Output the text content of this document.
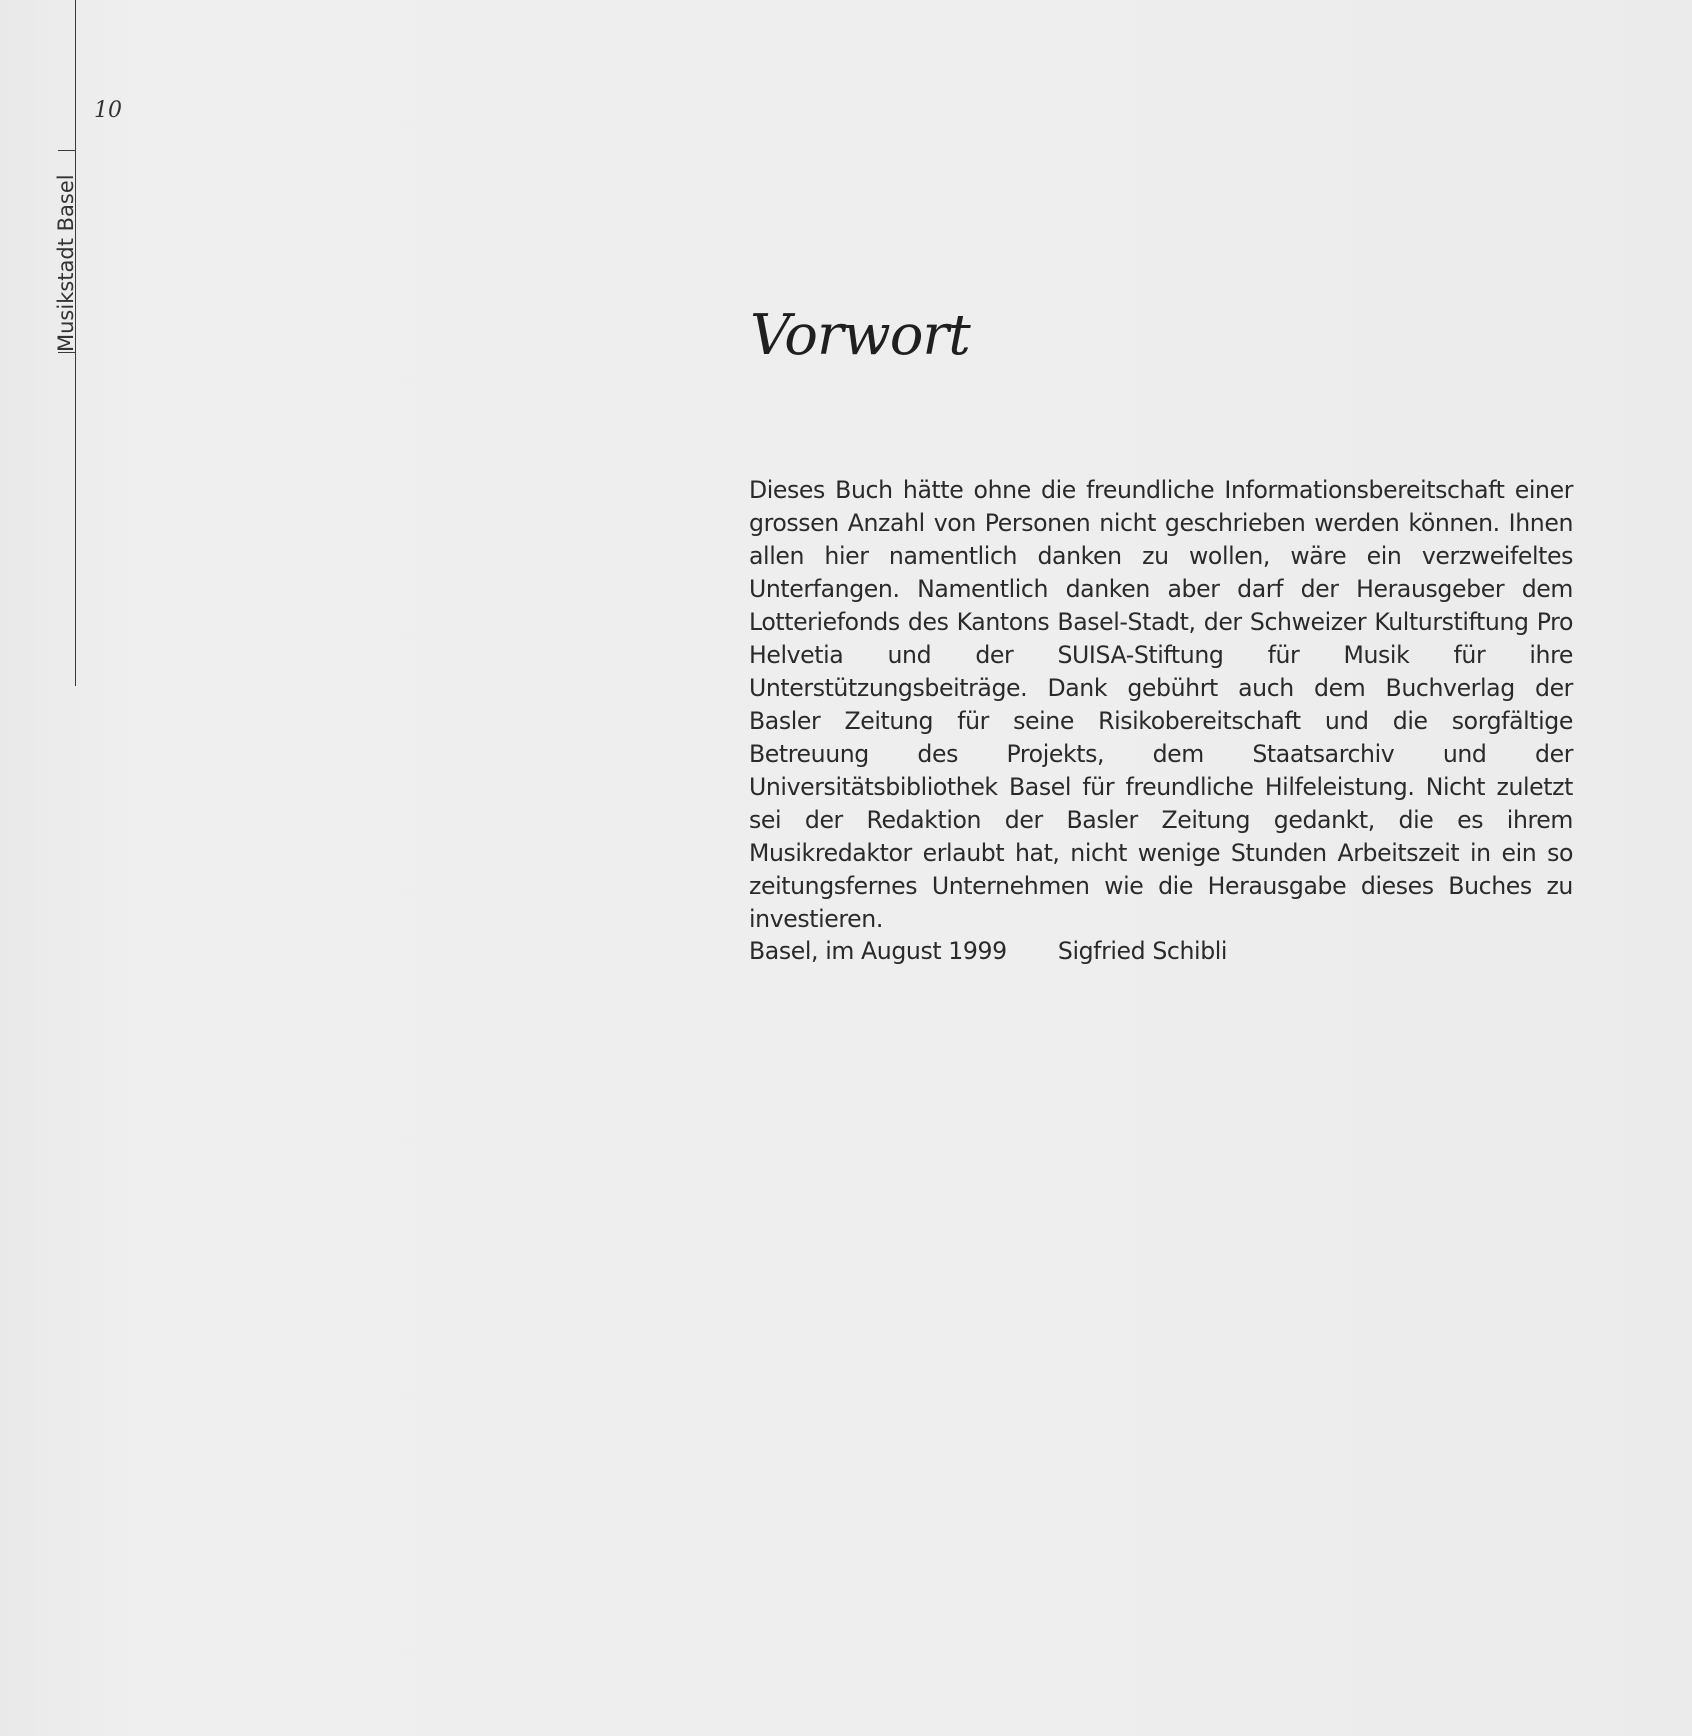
10
Musikstadt Basel	Vorwort

Dieses Buch hätte ohne die freundliche Informationsbereitschaft einer grossen Anzahl von Personen nicht geschrieben werden können. Ihnen allen hier namentlich danken zu wollen, wäre ein verzweifeltes Unterfangen. Namentlich danken aber darf der Herausgeber dem Lotteriefonds des Kantons Basel-Stadt, der Schweizer Kulturstiftung Pro Helvetia und der SUISA-Stiftung für Musik für ihre Unterstützungsbeiträge. Dank gebührt auch dem Buchverlag der Basler Zeitung für seine Risikobereitschaft und die sorgfältige Betreuung des Projekts, dem Staatsarchiv und der Universitätsbibliothek Basel für freundliche Hilfeleistung. Nicht zuletzt sei der Redaktion der Basler Zeitung gedankt, die es ihrem Musikredaktor erlaubt hat, nicht wenige Stunden Arbeitszeit in ein so zeitungsfernes Unternehmen wie die Herausgabe dieses Buches zu investieren.

Basel, im August 1999 Sigfried Schibli
